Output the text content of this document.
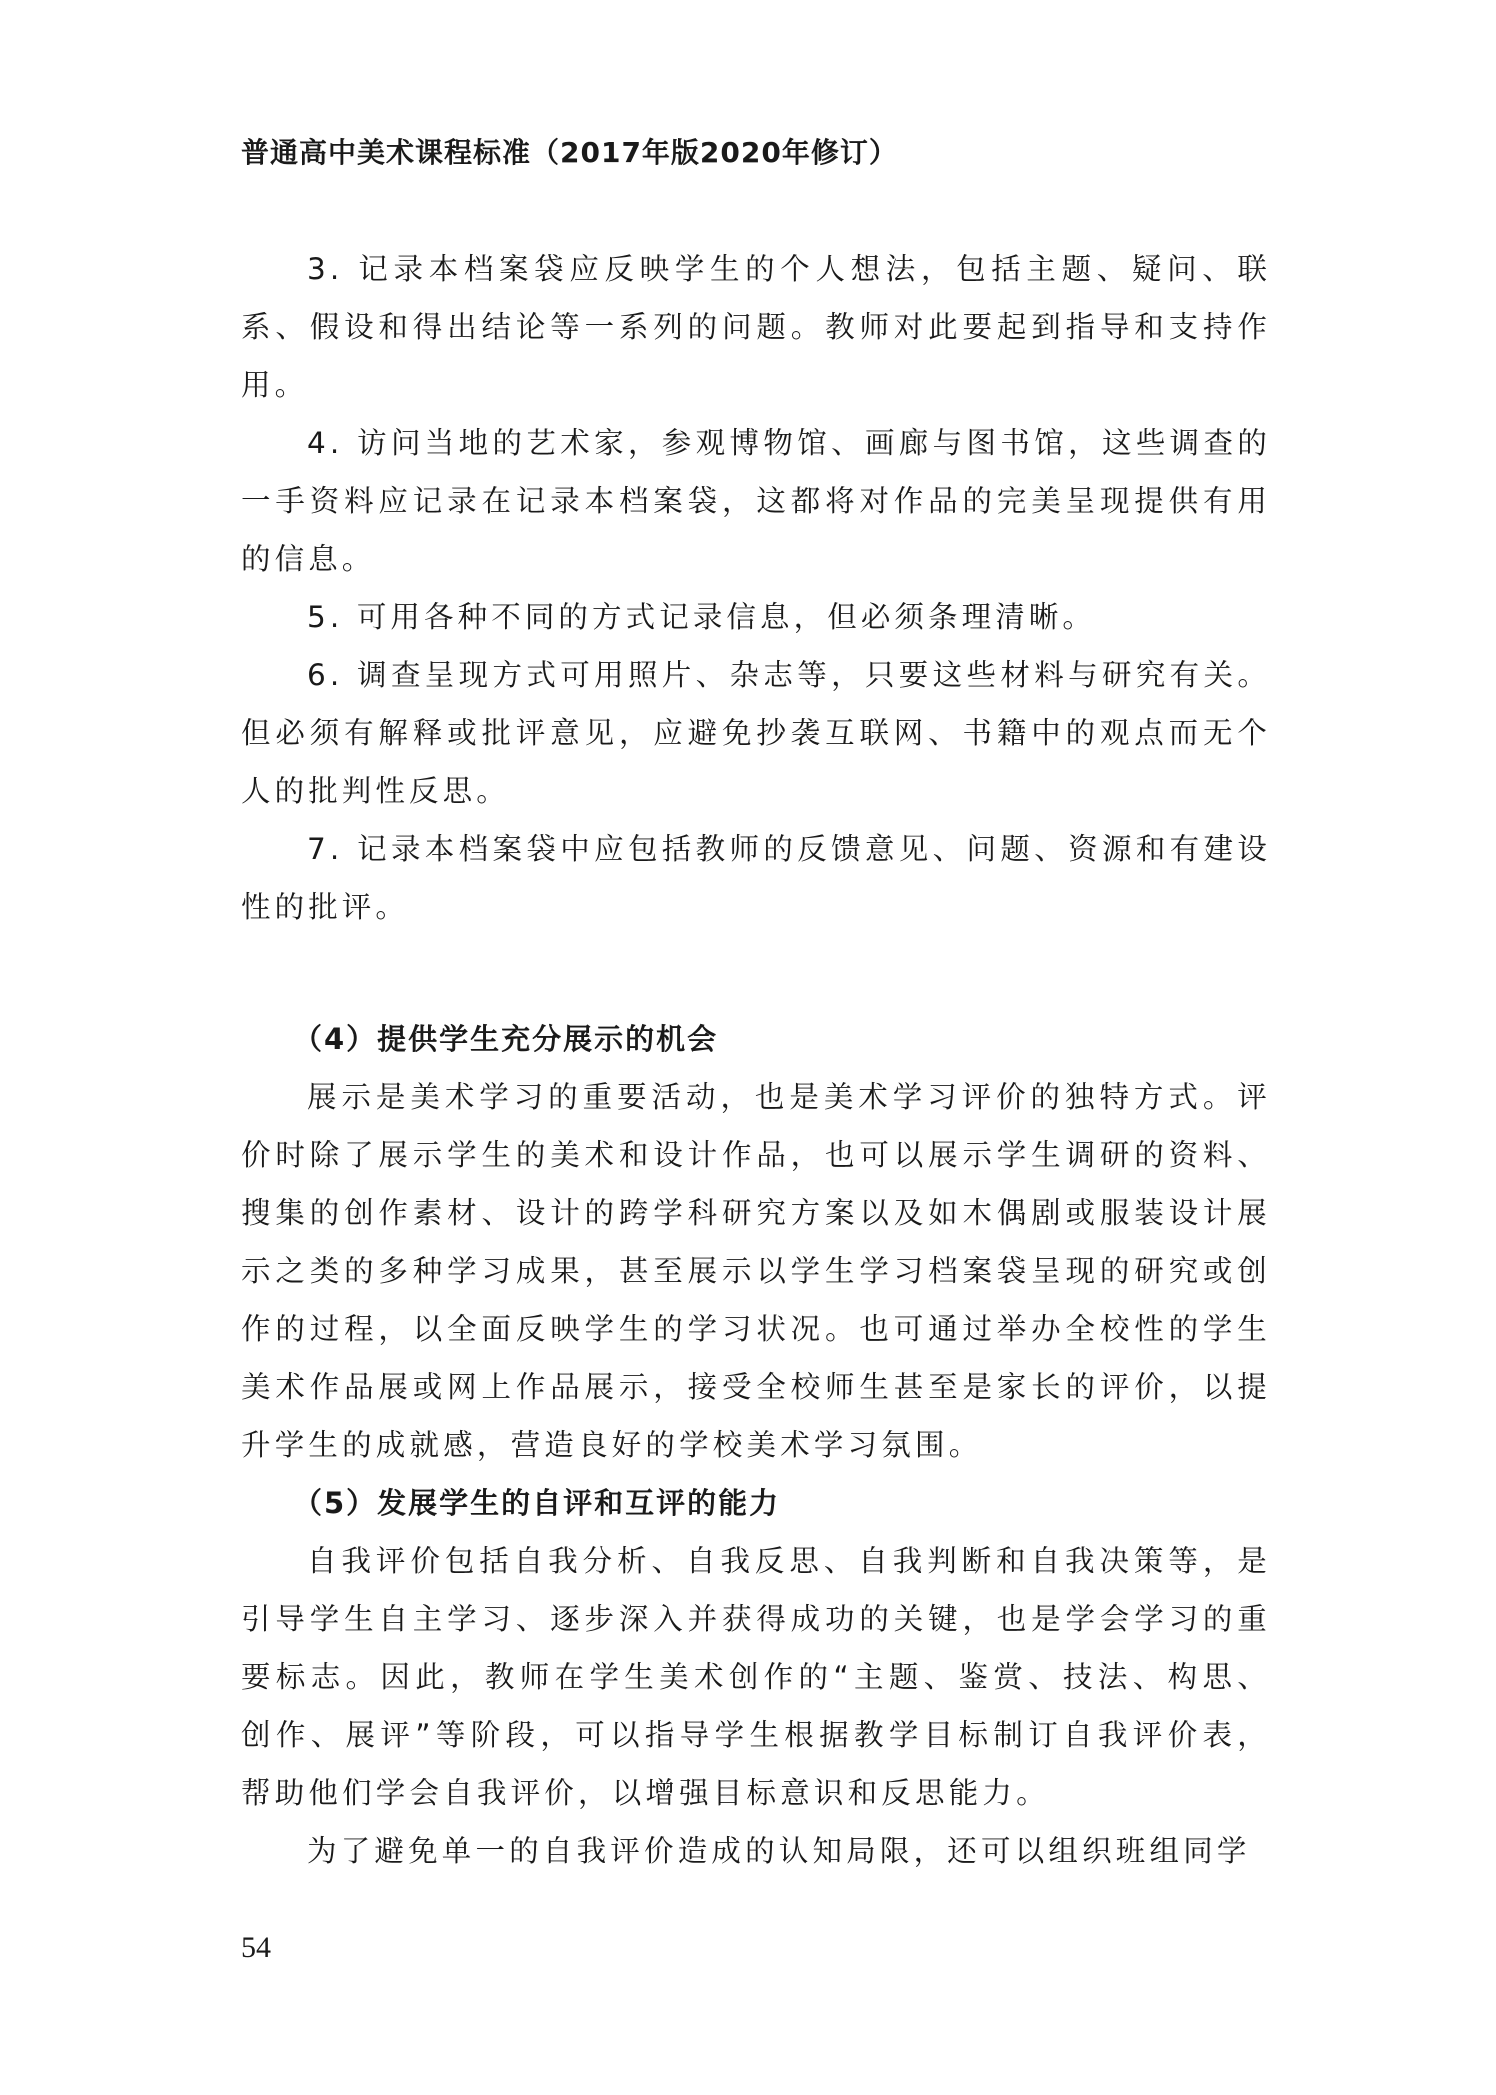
普通高中美术课程标准（2017年版2020年修订）

3. 记录本档案袋应反映学生的个人想法，包括主题、疑问、联系、假设和得出结论等一系列的问题。教师对此要起到指导和支持作用。

4. 访问当地的艺术家，参观博物馆、画廊与图书馆，这些调查的一手资料应记录在记录本档案袋，这都将对作品的完美呈现提供有用的信息。

5. 可用各种不同的方式记录信息，但必须条理清晰。

6. 调查呈现方式可用照片、杂志等，只要这些材料与研究有关。但必须有解释或批评意见，应避免抄袭互联网、书籍中的观点而无个人的批判性反思。

7. 记录本档案袋中应包括教师的反馈意见、问题、资源和有建设性的批评。

（4）提供学生充分展示的机会

展示是美术学习的重要活动，也是美术学习评价的独特方式。评价时除了展示学生的美术和设计作品，也可以展示学生调研的资料、搜集的创作素材、设计的跨学科研究方案以及如木偶剧或服装设计展示之类的多种学习成果，甚至展示以学生学习档案袋呈现的研究或创作的过程，以全面反映学生的学习状况。也可通过举办全校性的学生美术作品展或网上作品展示，接受全校师生甚至是家长的评价，以提升学生的成就感，营造良好的学校美术学习氛围。

（5）发展学生的自评和互评的能力

自我评价包括自我分析、自我反思、自我判断和自我决策等，是引导学生自主学习、逐步深入并获得成功的关键，也是学会学习的重要标志。因此，教师在学生美术创作的“主题、鉴赏、技法、构思、创作、展评”等阶段，可以指导学生根据教学目标制订自我评价表，帮助他们学会自我评价，以增强目标意识和反思能力。

为了避免单一的自我评价造成的认知局限，还可以组织班组同学

54
